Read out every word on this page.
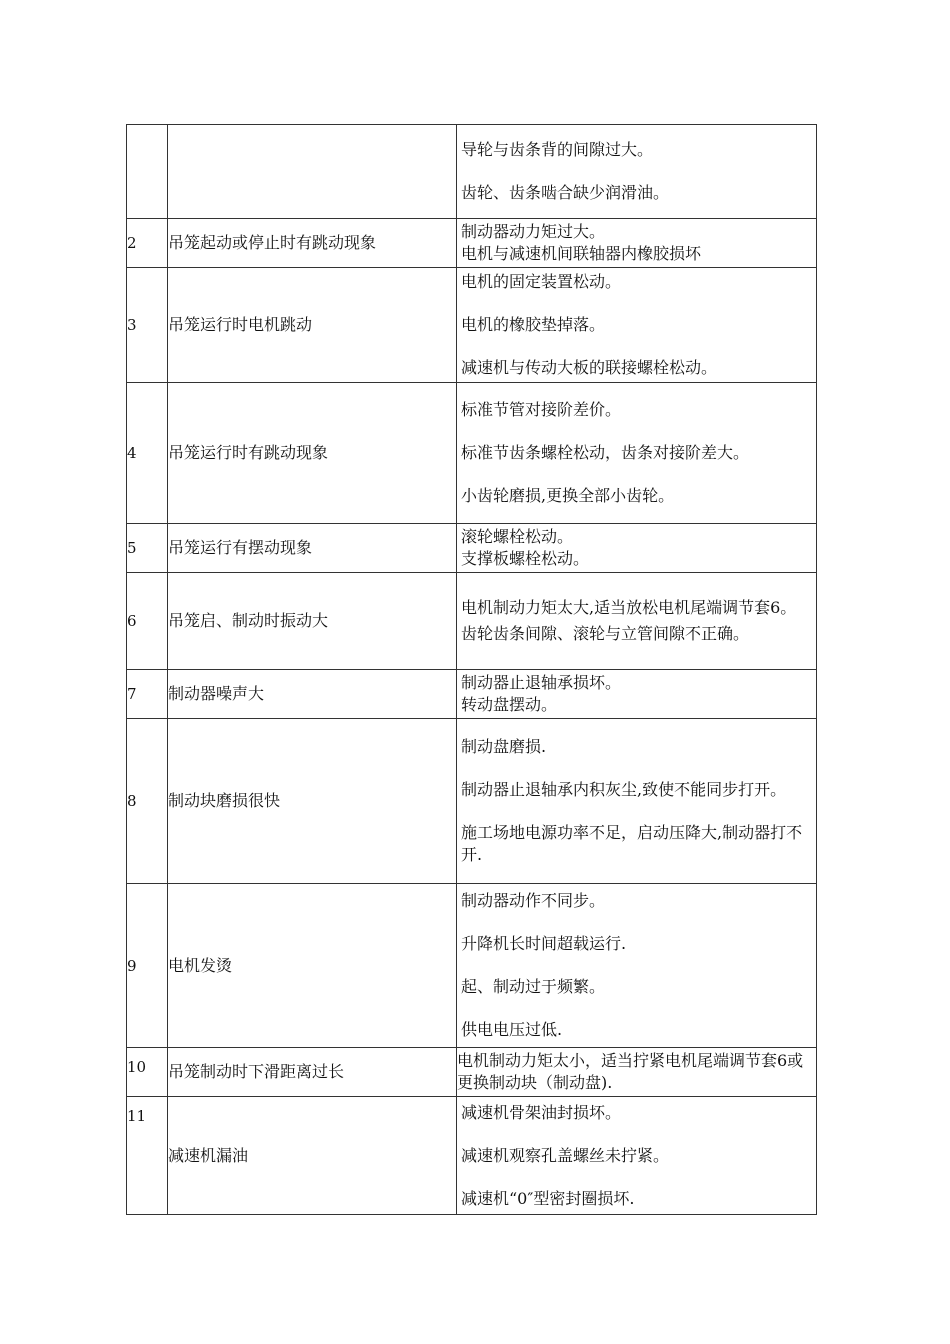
		导轮与齿条背的间隙过大。
齿轮、齿条啮合缺少润滑油。

2	吊笼起动或停止时有跳动现象	制动器动力矩过大。
电机与减速机间联轴器内橡胶损坏

3	吊笼运行时电机跳动	电机的固定装置松动。
电机的橡胶垫掉落。
减速机与传动大板的联接螺栓松动。

4	吊笼运行时有跳动现象	标准节管对接阶差价。
标准节齿条螺栓松动，齿条对接阶差大。
小齿轮磨损,更换全部小齿轮。

5	吊笼运行有摆动现象	滚轮螺栓松动。
支撑板螺栓松动。

6	吊笼启、制动时振动大	电机制动力矩太大,适当放松电机尾端调节套6。
齿轮齿条间隙、滚轮与立管间隙不正确。

7	制动器噪声大	制动器止退轴承损坏。
转动盘摆动。

8	制动块磨损很快	制动盘磨损.
制动器止退轴承内积灰尘,致使不能同步打开。
施工场地电源功率不足，启动压降大,制动器打不开.

9	电机发烫	制动器动作不同步。
升降机长时间超载运行.
起、制动过于频繁。
供电电压过低.

10	吊笼制动时下滑距离过长	电机制动力矩太小，适当拧紧电机尾端调节套6或更换制动块（制动盘).

11	减速机漏油	减速机骨架油封损坏。
减速机观察孔盖螺丝未拧紧。
减速机“0″型密封圈损坏.
